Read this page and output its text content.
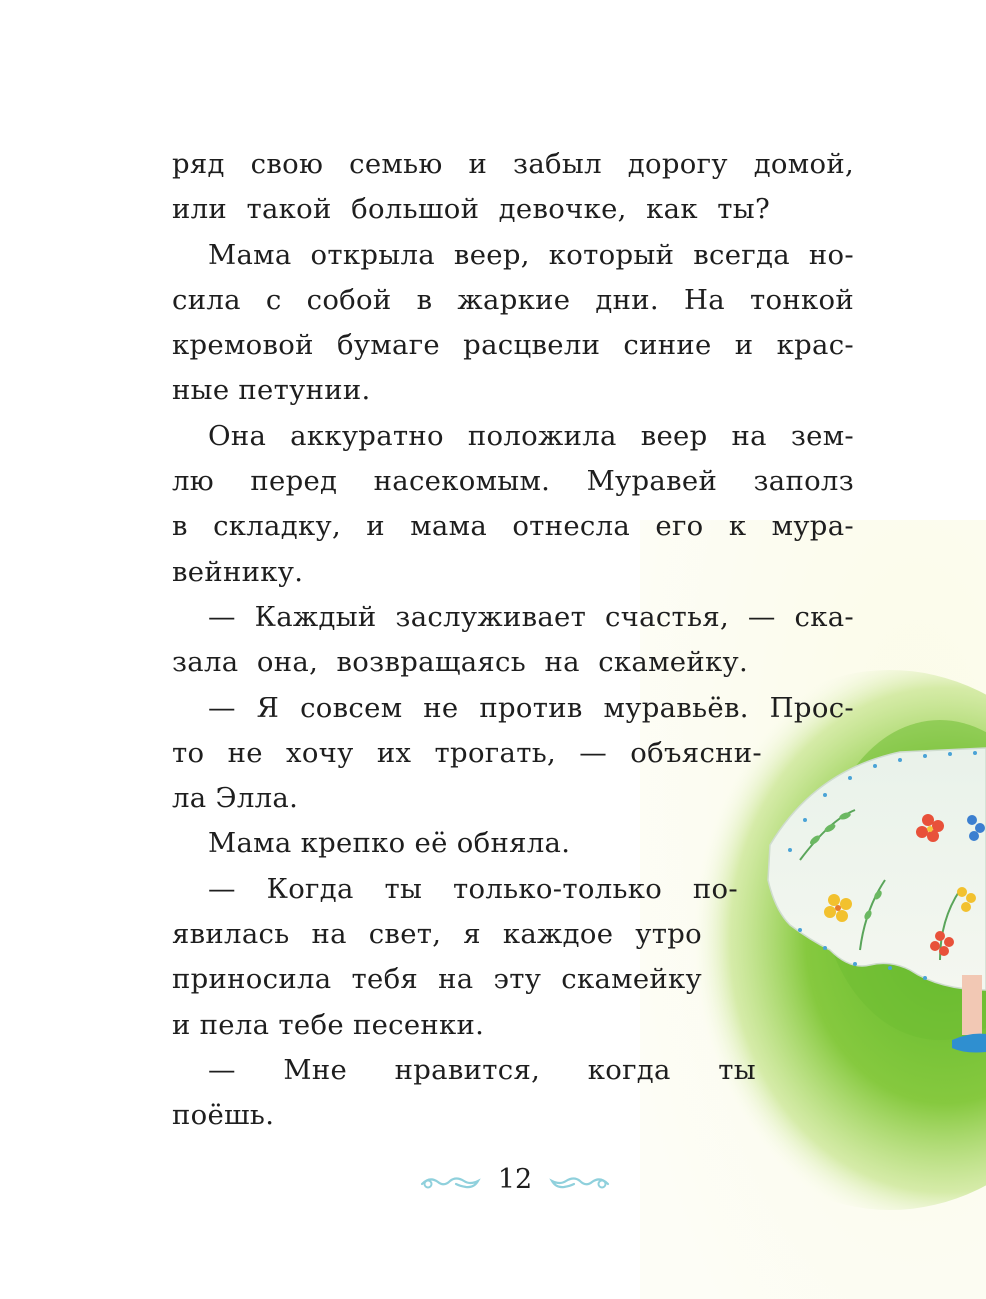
ряд свою семью и забыл дорогу домой,
или такой большой девочке, как ты?
Мама открыла веер, который всегда но-
сила с собой в жаркие дни. На тонкой
кремовой бумаге расцвели синие и крас-
ные петунии.
Она аккуратно положила веер на зем-
лю перед насекомым. Муравей заполз
в складку, и мама отнесла его к мура-
вейнику.
— Каждый заслуживает счастья, — ска-
зала она, возвращаясь на скамейку.
— Я совсем не против муравьёв. Прос-
то не хочу их трогать, — объясни-
ла Элла.
Мама крепко её обняла.
— Когда ты только-только по-
явилась на свет, я каждое утро
приносила тебя на эту скамейку
и пела тебе песенки.
— Мне нравится, когда ты
поёшь.
12
